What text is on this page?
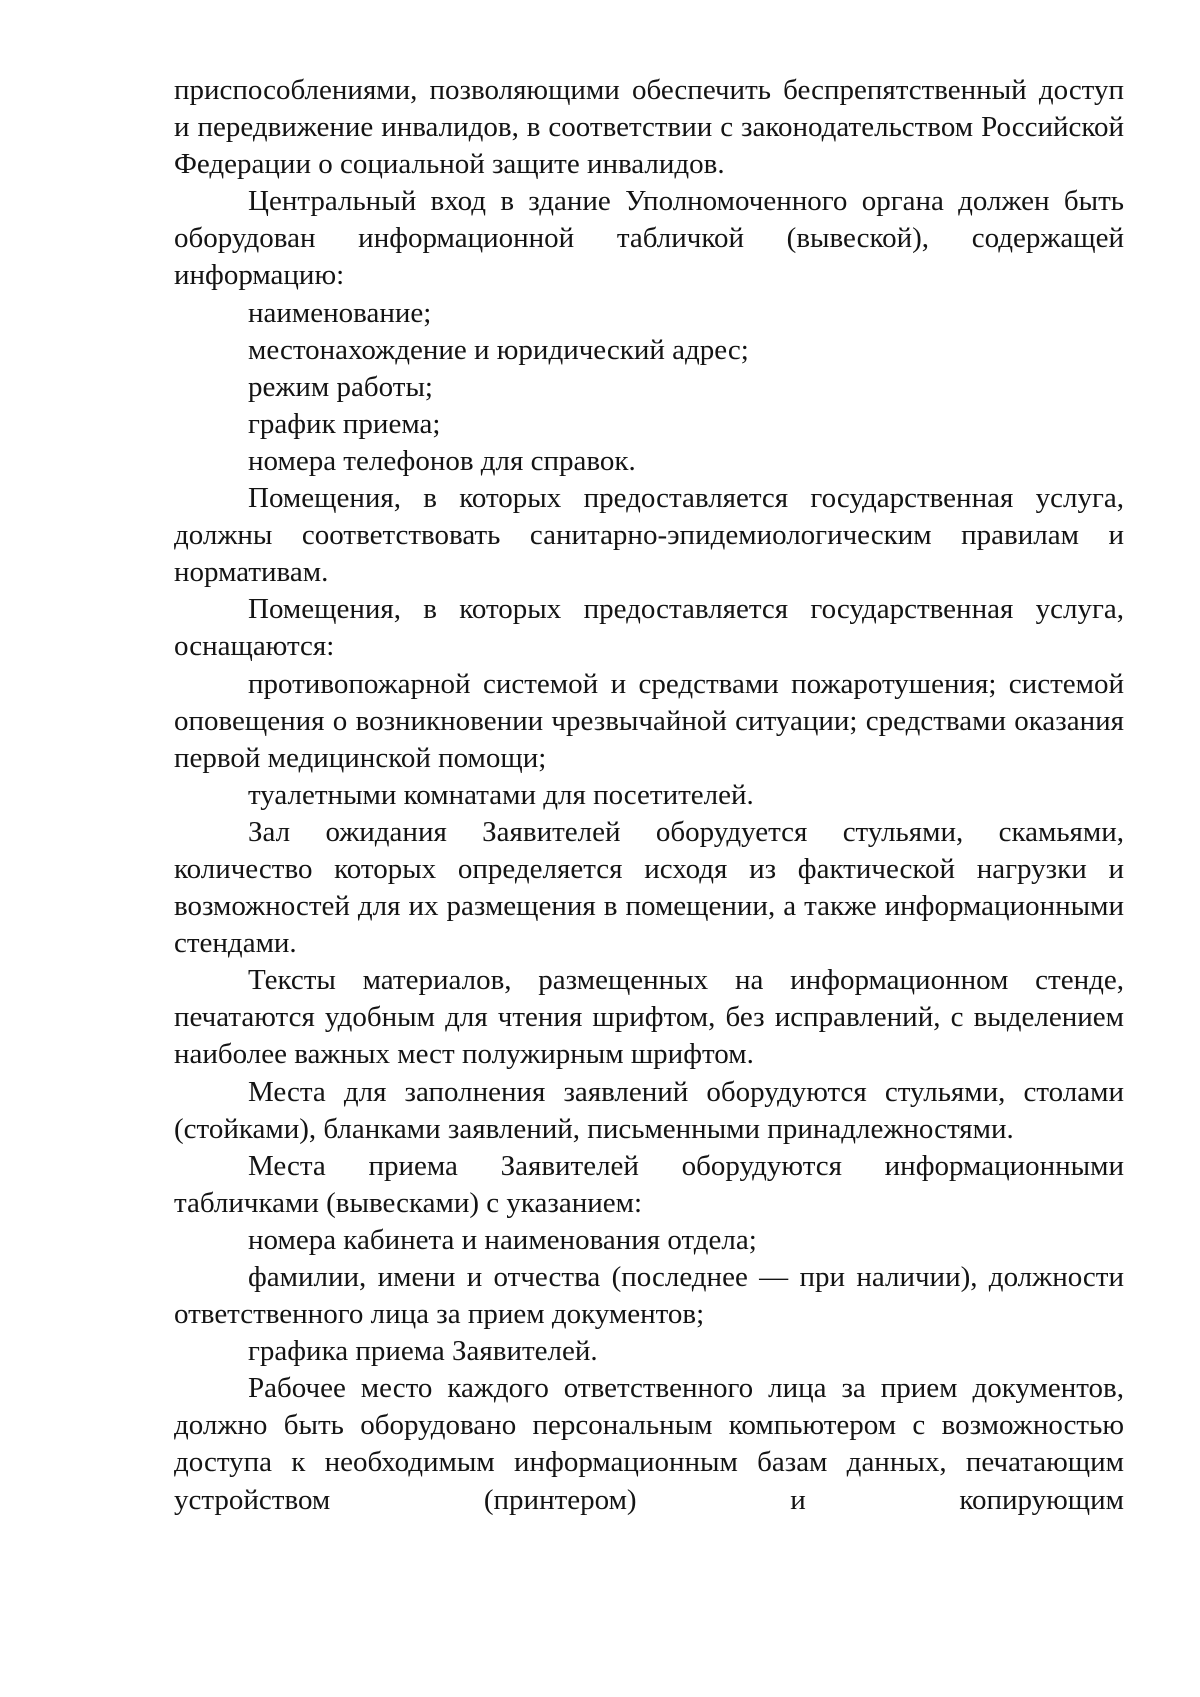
приспособлениями, позволяющими обеспечить беспрепятственный доступ и передвижение инвалидов, в соответствии с законодательством Российской Федерации о социальной защите инвалидов.

Центральный вход в здание Уполномоченного органа должен быть оборудован информационной табличкой (вывеской), содержащей информацию:

наименование;

местонахождение и юридический адрес;

режим работы;

график приема;

номера телефонов для справок.

Помещения, в которых предоставляется государственная услуга, должны соответствовать санитарно-эпидемиологическим правилам и нормативам.

Помещения, в которых предоставляется государственная услуга, оснащаются:

противопожарной системой и средствами пожаротушения; системой оповещения о возникновении чрезвычайной ситуации; средствами оказания первой медицинской помощи;

туалетными комнатами для посетителей.

Зал ожидания Заявителей оборудуется стульями, скамьями, количество которых определяется исходя из фактической нагрузки и возможностей для их размещения в помещении, а также информационными стендами.

Тексты материалов, размещенных на информационном стенде, печатаются удобным для чтения шрифтом, без исправлений, с выделением наиболее важных мест полужирным шрифтом.

Места для заполнения заявлений оборудуются стульями, столами (стойками), бланками заявлений, письменными принадлежностями.

Места приема Заявителей оборудуются информационными табличками (вывесками) с указанием:

номера кабинета и наименования отдела;

фамилии, имени и отчества (последнее — при наличии), должности ответственного лица за прием документов;

графика приема Заявителей.

Рабочее место каждого ответственного лица за прием документов, должно быть оборудовано персональным компьютером с возможностью доступа к необходимым информационным базам данных, печатающим устройством (принтером) и копирующим
